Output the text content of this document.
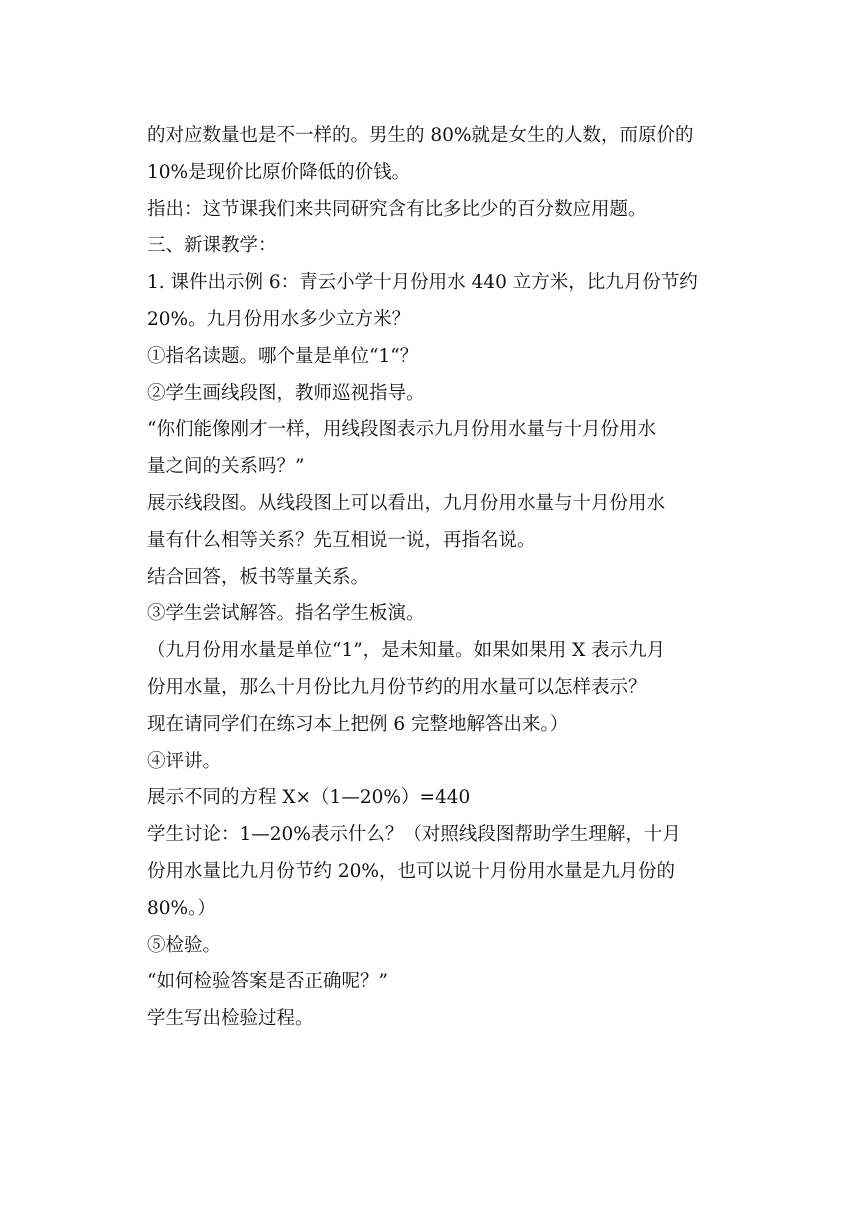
的对应数量也是不一样的。男生的 80%就是女生的人数，而原价的

10%是现价比原价降低的价钱。

指出：这节课我们来共同研究含有比多比少的百分数应用题。

三、新课教学：

1. 课件出示例 6：青云小学十月份用水 440 立方米，比九月份节约

20%。九月份用水多少立方米？

①指名读题。哪个量是单位“1“？

②学生画线段图，教师巡视指导。

“你们能像刚才一样，用线段图表示九月份用水量与十月份用水

量之间的关系吗？”

展示线段图。从线段图上可以看出，九月份用水量与十月份用水

量有什么相等关系？先互相说一说，再指名说。

结合回答，板书等量关系。

③学生尝试解答。指名学生板演。

（九月份用水量是单位“1”，是未知量。如果如果用 X 表示九月

份用水量，那么十月份比九月份节约的用水量可以怎样表示？

现在请同学们在练习本上把例 6 完整地解答出来。）

④评讲。

展示不同的方程 X×（1—20%）=440

学生讨论：1—20%表示什么？（对照线段图帮助学生理解，十月

份用水量比九月份节约 20%，也可以说十月份用水量是九月份的

80%。）

⑤检验。

“如何检验答案是否正确呢？”

学生写出检验过程。
